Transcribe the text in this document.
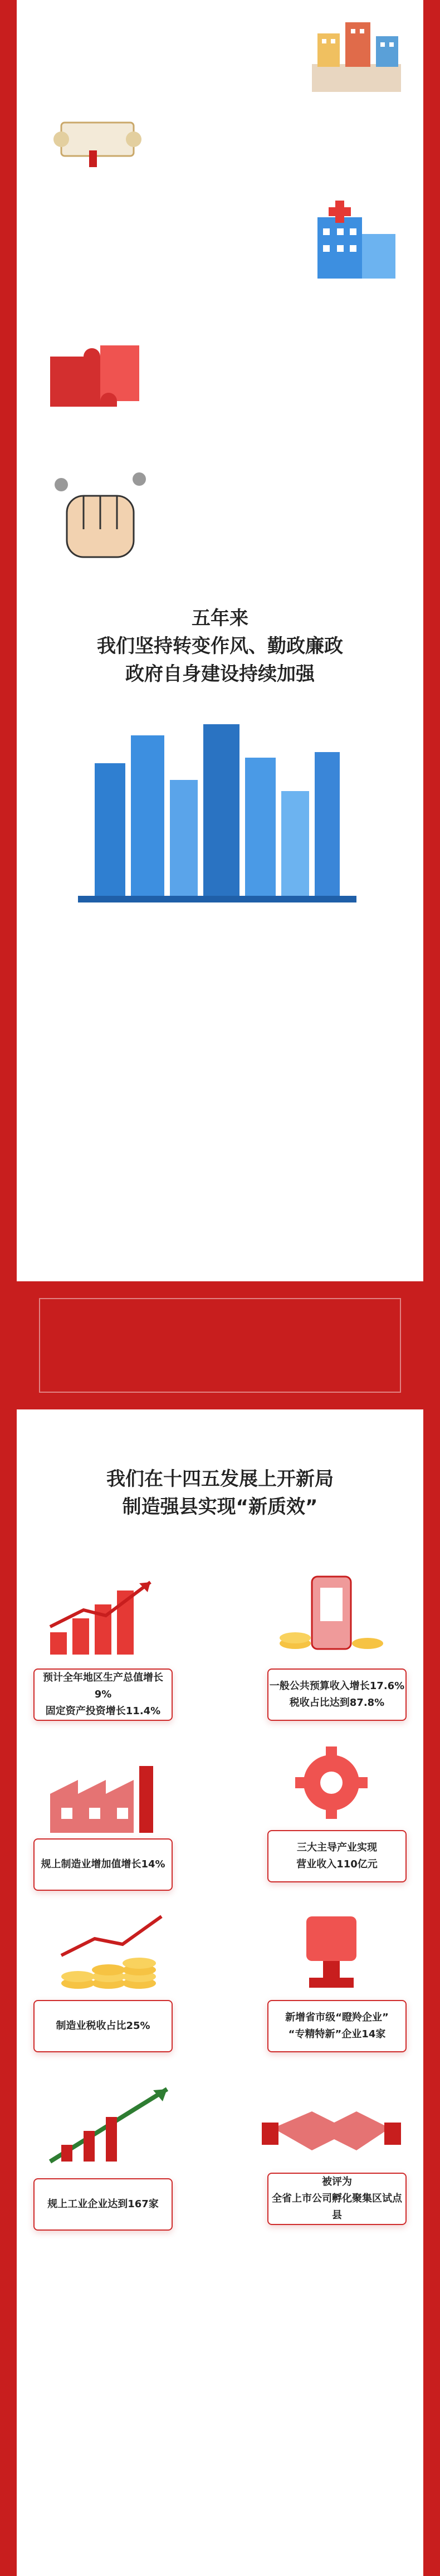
五年来
我们坚持转变作风、勤政廉政
政府自身建设持续加强
我们在十四五发展上开新局
制造强县实现“新质效”
预计全年地区生产总值增长9%
固定资产投资增长11.4%
一般公共预算收入增长17.6%
税收占比达到87.8%
规上制造业增加值增长14%
三大主导产业实现
营业收入110亿元
制造业税收占比25%
新增省市级“瞪羚企业”
“专精特新”企业14家
规上工业企业达到167家
被评为
全省上市公司孵化聚集区试点县
